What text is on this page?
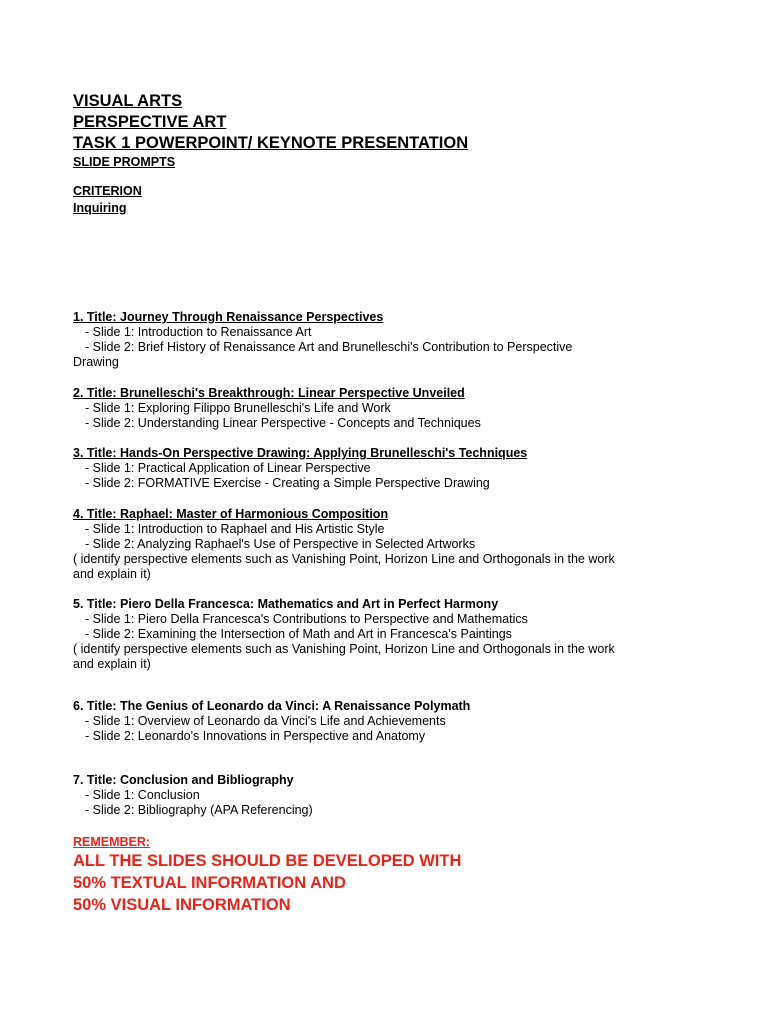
VISUAL ARTS
PERSPECTIVE ART
TASK 1 POWERPOINT/ KEYNOTE PRESENTATION
SLIDE PROMPTS
CRITERION
Inquiring
1. Title: Journey Through Renaissance Perspectives
- Slide 1: Introduction to Renaissance Art
- Slide 2: Brief History of Renaissance Art and Brunelleschi's Contribution to Perspective
Drawing
2. Title: Brunelleschi's Breakthrough: Linear Perspective Unveiled
- Slide 1: Exploring Filippo Brunelleschi's Life and Work
- Slide 2: Understanding Linear Perspective - Concepts and Techniques
3. Title: Hands-On Perspective Drawing: Applying Brunelleschi's Techniques
- Slide 1: Practical Application of Linear Perspective
- Slide 2: FORMATIVE Exercise - Creating a Simple Perspective Drawing
4. Title: Raphael: Master of Harmonious Composition
- Slide 1: Introduction to Raphael and His Artistic Style
- Slide 2: Analyzing Raphael's Use of Perspective in Selected Artworks
( identify perspective elements such as Vanishing Point, Horizon Line and Orthogonals in the work
and explain it)
5. Title: Piero Della Francesca: Mathematics and Art in Perfect Harmony
- Slide 1: Piero Della Francesca's Contributions to Perspective and Mathematics
- Slide 2: Examining the Intersection of Math and Art in Francesca's Paintings
( identify perspective elements such as Vanishing Point, Horizon Line and Orthogonals in the work
and explain it)
6. Title: The Genius of Leonardo da Vinci: A Renaissance Polymath
- Slide 1: Overview of Leonardo da Vinci's Life and Achievements
- Slide 2: Leonardo's Innovations in Perspective and Anatomy
7. Title: Conclusion and Bibliography
- Slide 1: Conclusion
- Slide 2: Bibliography (APA Referencing)
REMEMBER:
ALL THE SLIDES SHOULD BE DEVELOPED WITH
50% TEXTUAL INFORMATION AND
50% VISUAL INFORMATION
